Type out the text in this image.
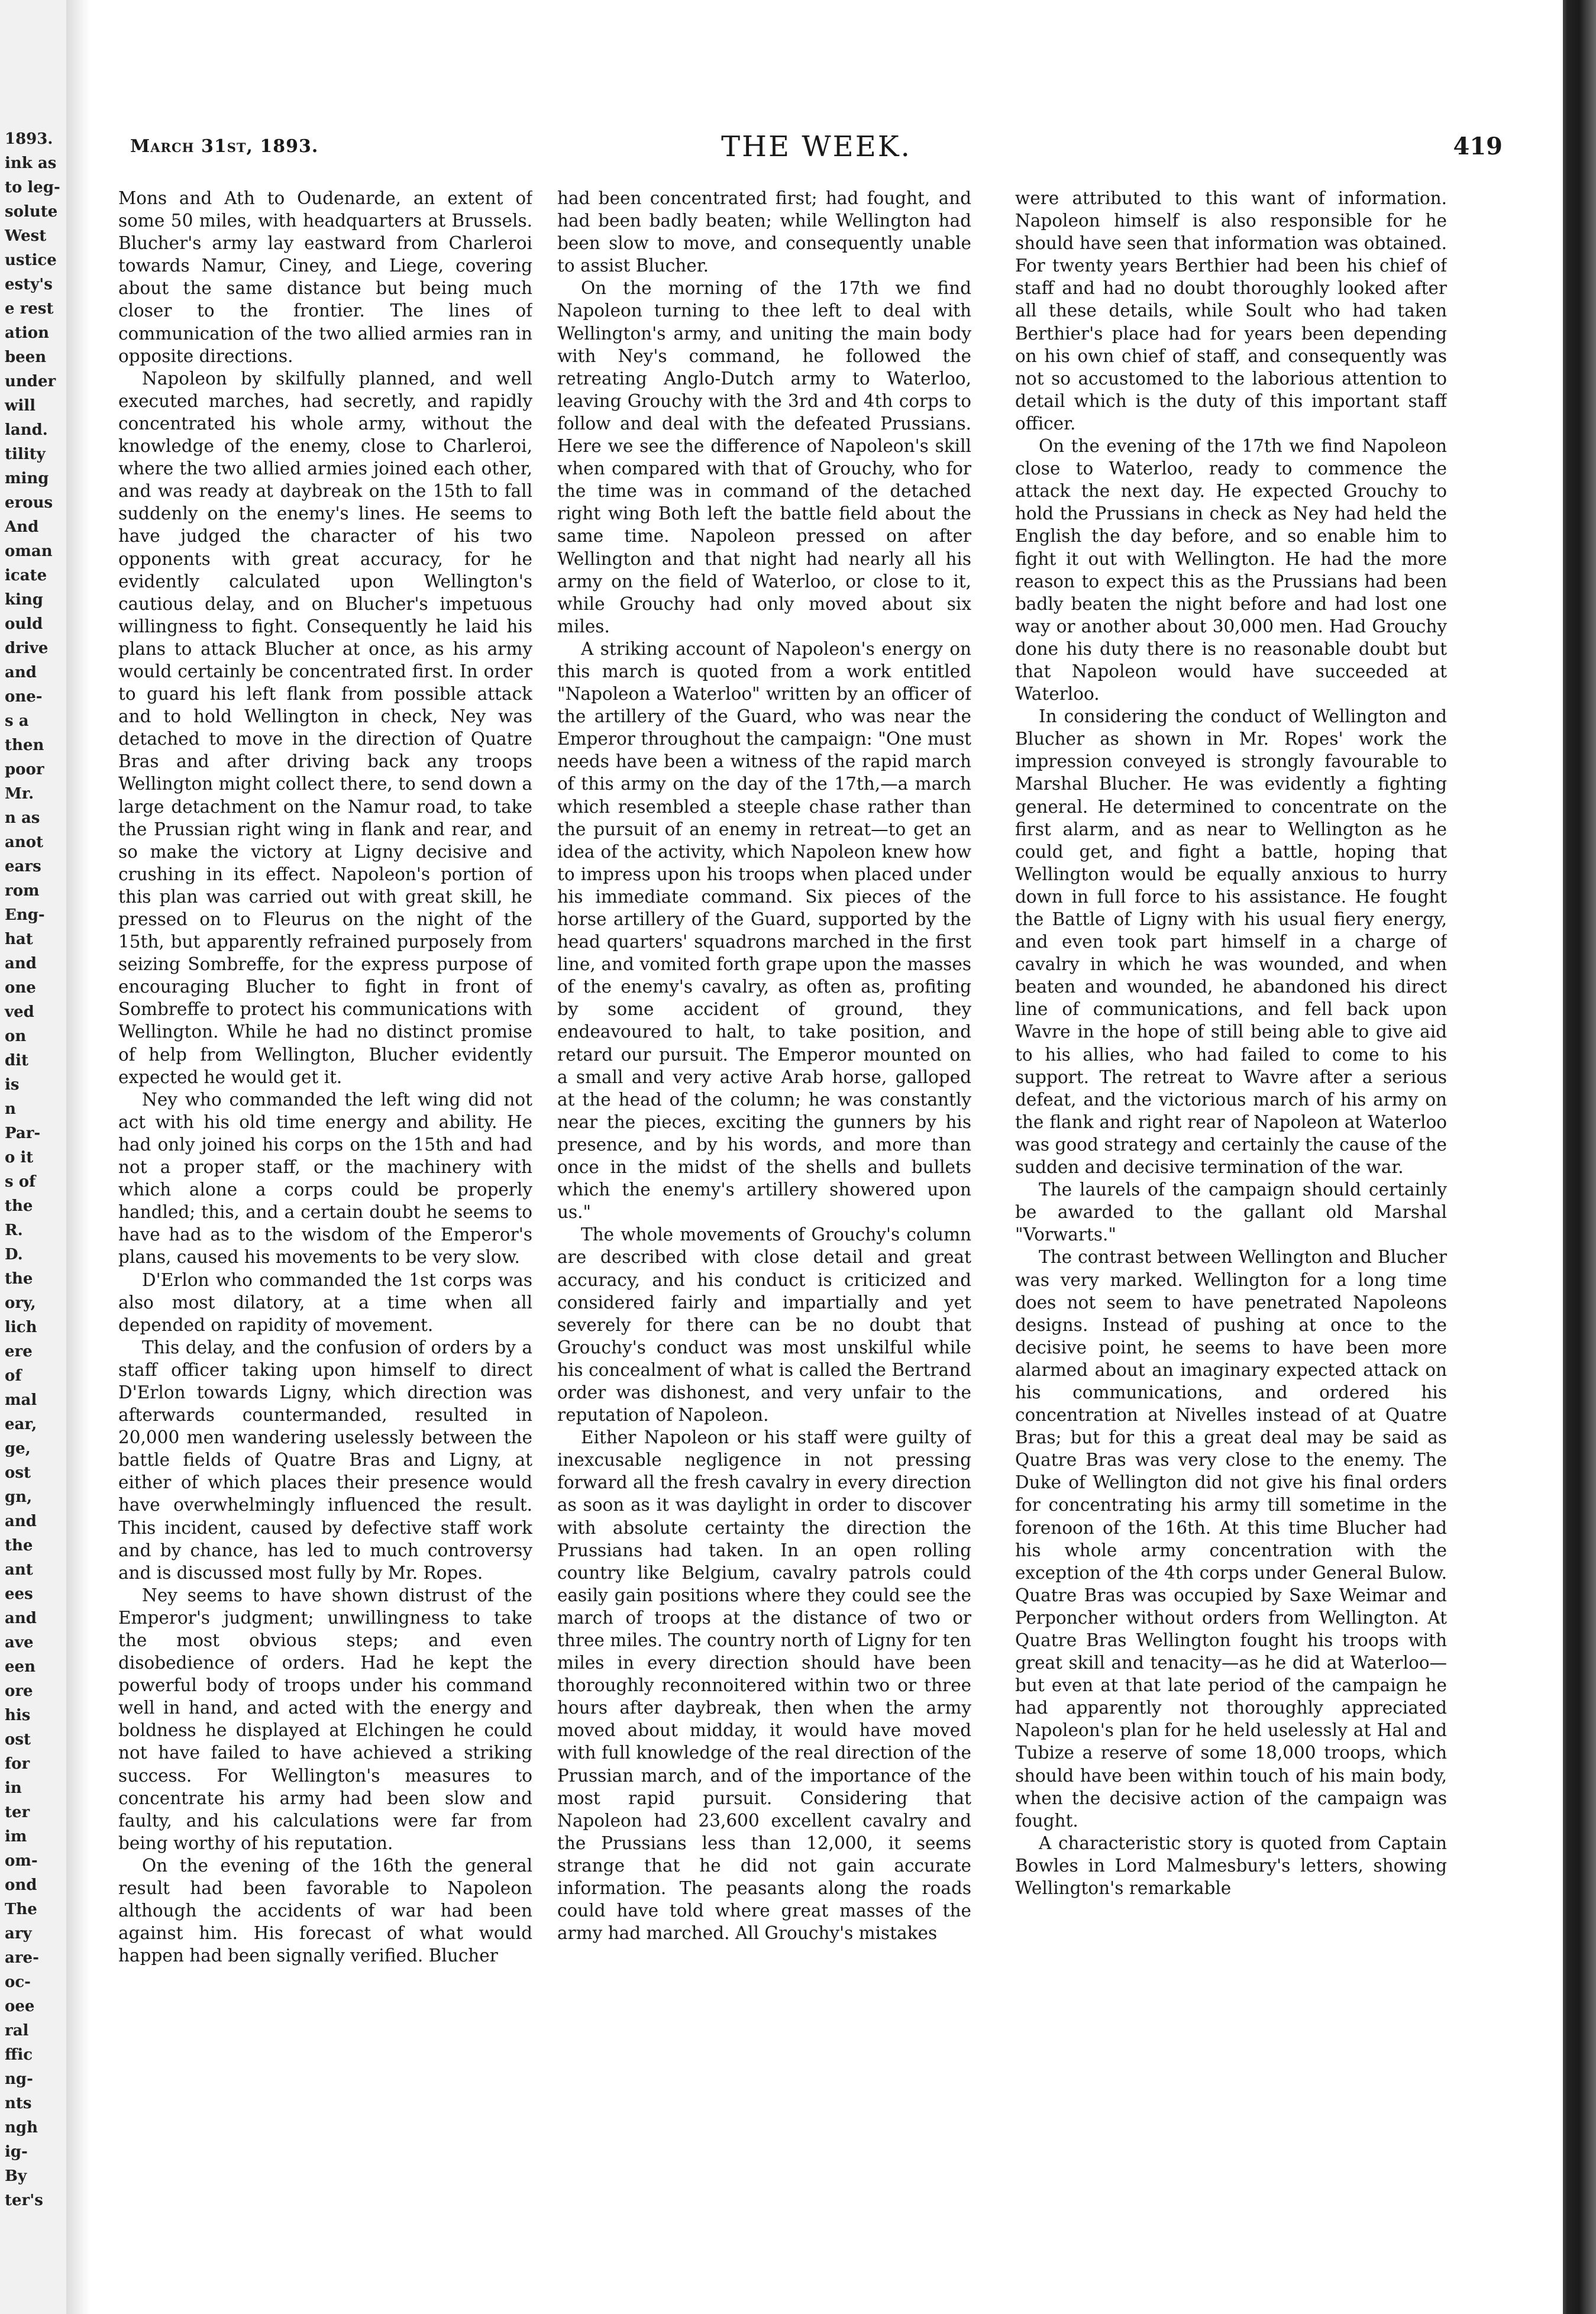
1893.
ink as
to leg-
solute
West
ustice
esty's
e rest
ation
been
under
will
land.
tility
ming
erous
And
oman
icate
king
ould
drive
and
one-
s a
then
poor
Mr.
n as
anot
ears
rom
Eng-
hat
and
one
ved
on
dit
is
n
Par-
o it
s of
the
R.
D.
the
ory,
lich
ere
of
mal
ear,
ge,
ost
gn,
and
the
ant
ees
and
ave
een
ore
his
ost
for
in
ter
im
om-
ond
The
ary
are-
oc-
oee
ral
ffic
ng-
nts
ngh
ig-
By
ter's
March 31st, 1893.	THE WEEK.	419

Mons and Ath to Oudenarde, an extent of some 50 miles, with headquarters at Brussels. Blucher's army lay eastward from Charleroi towards Namur, Ciney, and Liege, covering about the same distance but being much closer to the frontier. The lines of communication of the two allied armies ran in opposite directions.

Napoleon by skilfully planned, and well executed marches, had secretly, and rapidly concentrated his whole army, without the knowledge of the enemy, close to Charleroi, where the two allied armies joined each other, and was ready at daybreak on the 15th to fall suddenly on the enemy's lines. He seems to have judged the character of his two opponents with great accuracy, for he evidently calculated upon Wellington's cautious delay, and on Blucher's impetuous willingness to fight. Consequently he laid his plans to attack Blucher at once, as his army would certainly be concentrated first. In order to guard his left flank from possible attack and to hold Wellington in check, Ney was detached to move in the direction of Quatre Bras and after driving back any troops Wellington might collect there, to send down a large detachment on the Namur road, to take the Prussian right wing in flank and rear, and so make the victory at Ligny decisive and crushing in its effect. Napoleon's portion of this plan was carried out with great skill, he pressed on to Fleurus on the night of the 15th, but apparently refrained purposely from seizing Sombreffe, for the express purpose of encouraging Blucher to fight in front of Sombreffe to protect his communications with Wellington. While he had no distinct promise of help from Wellington, Blucher evidently expected he would get it.

Ney who commanded the left wing did not act with his old time energy and ability. He had only joined his corps on the 15th and had not a proper staff, or the machinery with which alone a corps could be properly handled; this, and a certain doubt he seems to have had as to the wisdom of the Emperor's plans, caused his movements to be very slow.

D'Erlon who commanded the 1st corps was also most dilatory, at a time when all depended on rapidity of movement.

This delay, and the confusion of orders by a staff officer taking upon himself to direct D'Erlon towards Ligny, which direction was afterwards countermanded, resulted in 20,000 men wandering uselessly between the battle fields of Quatre Bras and Ligny, at either of which places their presence would have overwhelmingly influenced the result. This incident, caused by defective staff work and by chance, has led to much controversy and is discussed most fully by Mr. Ropes.

Ney seems to have shown distrust of the Emperor's judgment; unwillingness to take the most obvious steps; and even disobedience of orders. Had he kept the powerful body of troops under his command well in hand, and acted with the energy and boldness he displayed at Elchingen he could not have failed to have achieved a striking success. For Wellington's measures to concentrate his army had been slow and faulty, and his calculations were far from being worthy of his reputation.

On the evening of the 16th the general result had been favorable to Napoleon although the accidents of war had been against him. His forecast of what would happen had been signally verified. Blucher

had been concentrated first; had fought, and had been badly beaten; while Wellington had been slow to move, and consequently unable to assist Blucher.

On the morning of the 17th we find Napoleon turning to thee left to deal with Wellington's army, and uniting the main body with Ney's command, he followed the retreating Anglo-Dutch army to Waterloo, leaving Grouchy with the 3rd and 4th corps to follow and deal with the defeated Prussians. Here we see the difference of Napoleon's skill when compared with that of Grouchy, who for the time was in command of the detached right wing Both left the battle field about the same time. Napoleon pressed on after Wellington and that night had nearly all his army on the field of Waterloo, or close to it, while Grouchy had only moved about six miles.

A striking account of Napoleon's energy on this march is quoted from a work entitled "Napoleon a Waterloo" written by an officer of the artillery of the Guard, who was near the Emperor throughout the campaign: "One must needs have been a witness of the rapid march of this army on the day of the 17th,—a march which resembled a steeple chase rather than the pursuit of an enemy in retreat—to get an idea of the activity, which Napoleon knew how to impress upon his troops when placed under his immediate command. Six pieces of the horse artillery of the Guard, supported by the head quarters' squadrons marched in the first line, and vomited forth grape upon the masses of the enemy's cavalry, as often as, profiting by some accident of ground, they endeavoured to halt, to take position, and retard our pursuit. The Emperor mounted on a small and very active Arab horse, galloped at the head of the column; he was constantly near the pieces, exciting the gunners by his presence, and by his words, and more than once in the midst of the shells and bullets which the enemy's artillery showered upon us."

The whole movements of Grouchy's column are described with close detail and great accuracy, and his conduct is criticized and considered fairly and impartially and yet severely for there can be no doubt that Grouchy's conduct was most unskilful while his concealment of what is called the Bertrand order was dishonest, and very unfair to the reputation of Napoleon.

Either Napoleon or his staff were guilty of inexcusable negligence in not pressing forward all the fresh cavalry in every direction as soon as it was daylight in order to discover with absolute certainty the direction the Prussians had taken. In an open rolling country like Belgium, cavalry patrols could easily gain positions where they could see the march of troops at the distance of two or three miles. The country north of Ligny for ten miles in every direction should have been thoroughly reconnoitered within two or three hours after daybreak, then when the army moved about midday, it would have moved with full knowledge of the real direction of the Prussian march, and of the importance of the most rapid pursuit. Considering that Napoleon had 23,600 excellent cavalry and the Prussians less than 12,000, it seems strange that he did not gain accurate information. The peasants along the roads could have told where great masses of the army had marched. All Grouchy's mistakes

were attributed to this want of information. Napoleon himself is also responsible for he should have seen that information was obtained. For twenty years Berthier had been his chief of staff and had no doubt thoroughly looked after all these details, while Soult who had taken Berthier's place had for years been depending on his own chief of staff, and consequently was not so accustomed to the laborious attention to detail which is the duty of this important staff officer.

On the evening of the 17th we find Napoleon close to Waterloo, ready to commence the attack the next day. He expected Grouchy to hold the Prussians in check as Ney had held the English the day before, and so enable him to fight it out with Wellington. He had the more reason to expect this as the Prussians had been badly beaten the night before and had lost one way or another about 30,000 men. Had Grouchy done his duty there is no reasonable doubt but that Napoleon would have succeeded at Waterloo.

In considering the conduct of Wellington and Blucher as shown in Mr. Ropes' work the impression conveyed is strongly favourable to Marshal Blucher. He was evidently a fighting general. He determined to concentrate on the first alarm, and as near to Wellington as he could get, and fight a battle, hoping that Wellington would be equally anxious to hurry down in full force to his assistance. He fought the Battle of Ligny with his usual fiery energy, and even took part himself in a charge of cavalry in which he was wounded, and when beaten and wounded, he abandoned his direct line of communications, and fell back upon Wavre in the hope of still being able to give aid to his allies, who had failed to come to his support. The retreat to Wavre after a serious defeat, and the victorious march of his army on the flank and right rear of Napoleon at Waterloo was good strategy and certainly the cause of the sudden and decisive termination of the war.

The laurels of the campaign should certainly be awarded to the gallant old Marshal "Vorwarts."

The contrast between Wellington and Blucher was very marked. Wellington for a long time does not seem to have penetrated Napoleons designs. Instead of pushing at once to the decisive point, he seems to have been more alarmed about an imaginary expected attack on his communications, and ordered his concentration at Nivelles instead of at Quatre Bras; but for this a great deal may be said as Quatre Bras was very close to the enemy. The Duke of Wellington did not give his final orders for concentrating his army till sometime in the forenoon of the 16th. At this time Blucher had his whole army concentration with the exception of the 4th corps under General Bulow. Quatre Bras was occupied by Saxe Weimar and Perponcher without orders from Wellington. At Quatre Bras Wellington fought his troops with great skill and tenacity—as he did at Waterloo—but even at that late period of the campaign he had apparently not thoroughly appreciated Napoleon's plan for he held uselessly at Hal and Tubize a reserve of some 18,000 troops, which should have been within touch of his main body, when the decisive action of the campaign was fought.

A characteristic story is quoted from Captain Bowles in Lord Malmesbury's letters, showing Wellington's remarkable
